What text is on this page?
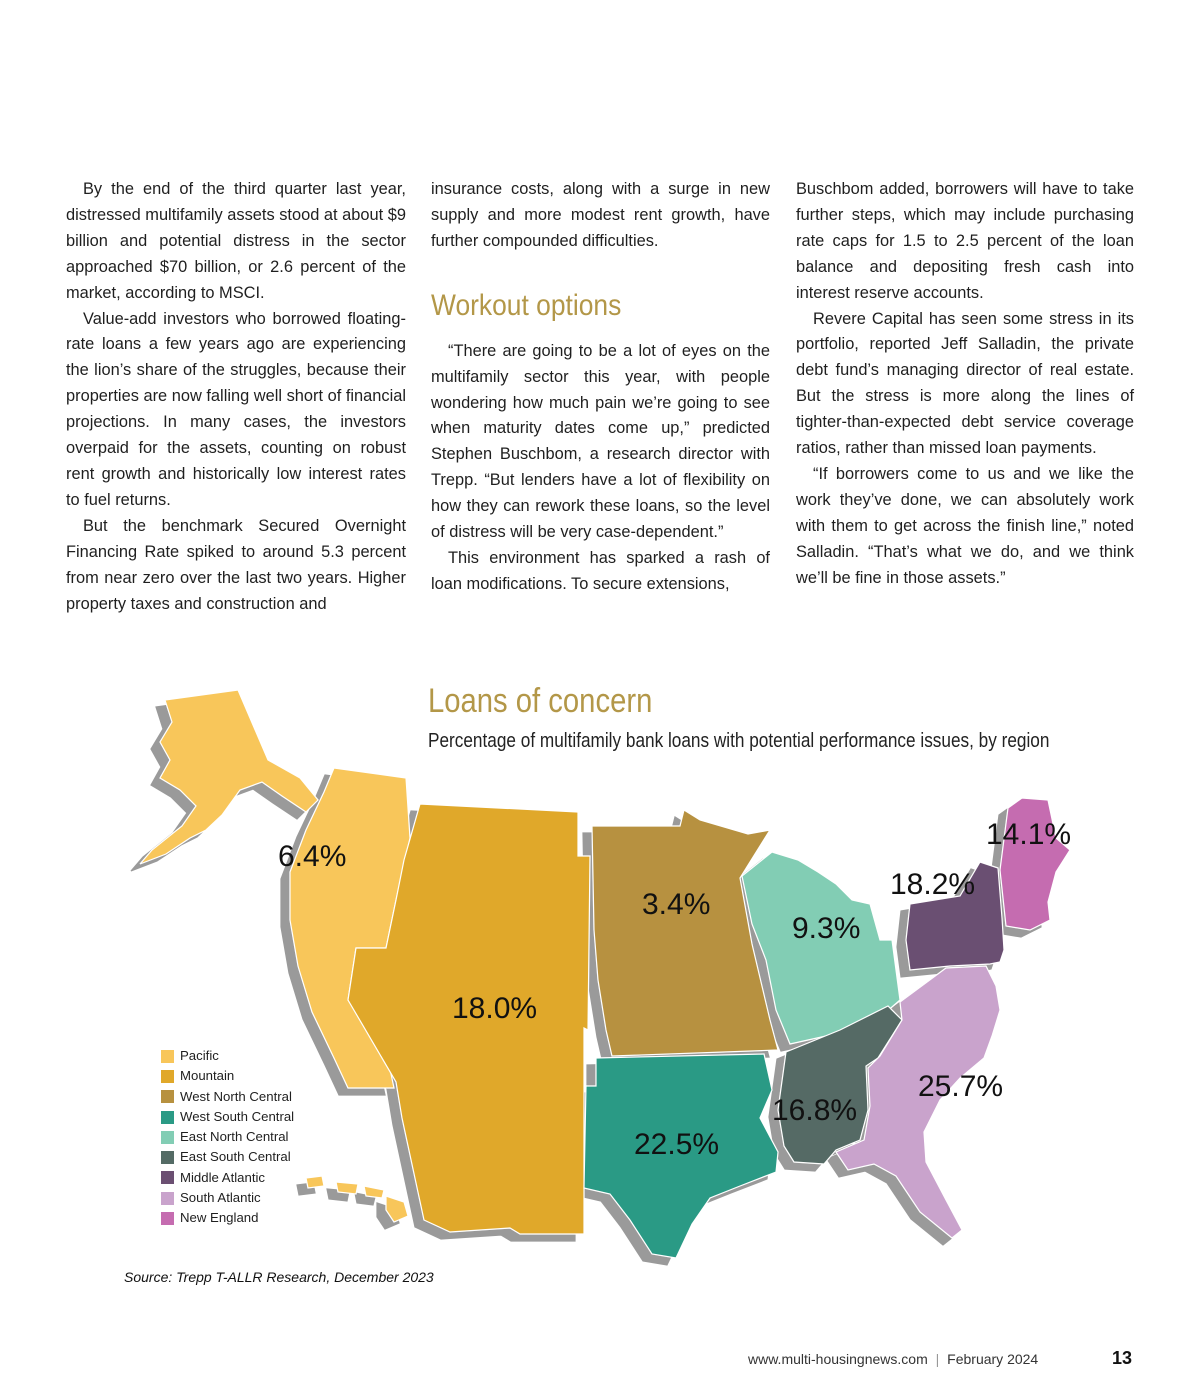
By the end of the third quarter last year, distressed multifamily assets stood at about $9 billion and potential distress in the sector approached $70 billion, or 2.6 percent of the market, according to MSCI.

Value-add investors who borrowed floating-rate loans a few years ago are experiencing the lion’s share of the struggles, because their properties are now falling well short of financial projections. In many cases, the investors overpaid for the assets, counting on robust rent growth and historically low interest rates to fuel returns.

But the benchmark Secured Overnight Financing Rate spiked to around 5.3 percent from near zero over the last two years. Higher property taxes and construction and

insurance costs, along with a surge in new supply and more modest rent growth, have further compounded difficulties.

Workout options

“There are going to be a lot of eyes on the multifamily sector this year, with people wondering how much pain we’re going to see when maturity dates come up,” predicted Stephen Buschbom, a research director with Trepp. “But lenders have a lot of flexibility on how they can rework these loans, so the level of distress will be very case-dependent.”

This environment has sparked a rash of loan modifications. To secure extensions,

Buschbom added, borrowers will have to take further steps, which may include purchasing rate caps for 1.5 to 2.5 percent of the loan balance and depositing fresh cash into interest reserve accounts.

Revere Capital has seen some stress in its portfolio, reported Jeff Salladin, the private debt fund’s managing director of real estate. But the stress is more along the lines of tighter-than-expected debt service coverage ratios, rather than missed loan payments.

“If borrowers come to us and we like the work they’ve done, we can absolutely work with them to get across the finish line,” noted Salladin. “That’s what we do, and we think we’ll be fine in those assets.”

6.4%
18.0%
3.4%
22.5%
9.3%
16.8%
18.2%
25.7%
14.1%
Loans of concern
Percentage of multifamily bank loans with potential performance issues, by region
Pacific
Mountain
West North Central
West South Central
East North Central
East South Central
Middle Atlantic
South Atlantic
New England
Source: Trepp T-ALLR Research, December 2023
www.multi-housingnews.com | February 2024	13
